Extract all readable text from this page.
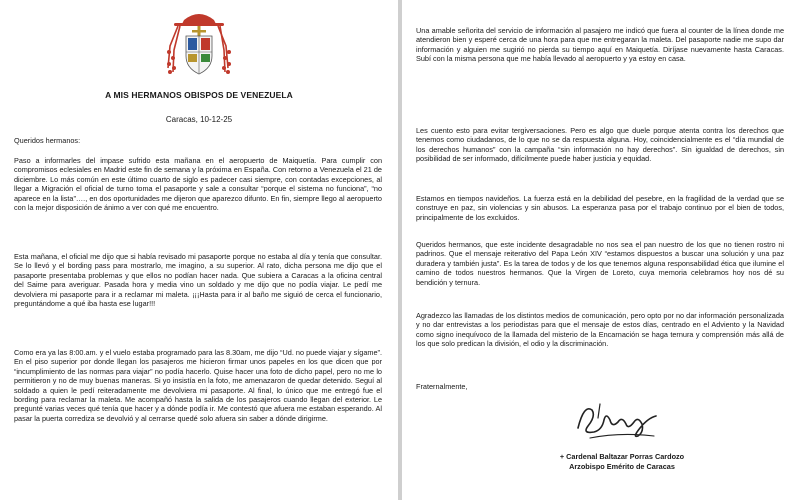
A MIS HERMANOS OBISPOS DE VENEZUELA
Caracas, 10-12-25
Queridos hermanos:

Paso a informarles del impase sufrido esta mañana en el aeropuerto de Maiquetía. Para cumplir con compromisos eclesiales en Madrid este fin de semana y la próxima en España. Con retorno a Venezuela el 21 de diciembre. Lo más común en este último cuarto de siglo es padecer casi siempre, con contadas excepciones, al llegar a Migración el oficial de turno toma el pasaporte y sale a consultar “porque el sistema no funciona”, “no aparece en la lista”…., en dos oportunidades me dijeron que aparezco difunto. En fin, siempre llego al aeropuerto con la mejor disposición de ánimo a ver con qué me encuentro.

Esta mañana, el oficial me dijo que si había revisado mi pasaporte porque no estaba al día y tenía que consultar. Se lo llevó y el bording pass para mostrarlo, me imagino, a su superior. Al rato, dicha persona me dijo que el pasaporte presentaba problemas y que ellos no podían hacer nada. Que subiera a Caracas a la oficina central del Saime para averiguar. Pasada hora y media vino un soldado y me dijo que no podía viajar. Le pedí me devolviera mi pasaporte para ir a reclamar mi maleta. ¡¡¡Hasta para ir al baño me siguió de cerca el funcionario, preguntándome a qué iba hasta ese lugar!!!

Como era ya las 8:00.am. y el vuelo estaba programado para las 8.30am, me dijo “Ud. no puede viajar y sígame”. En el piso superior por donde llegan los pasajeros me hicieron firmar unos papeles en los que dicen que por “incumplimiento de las normas para viajar” no podía hacerlo. Quise hacer una foto de dicho papel, pero no me lo permitieron y no de muy buenas maneras. Si yo insistía en la foto, me amenazaron de quedar detenido. Seguí al soldado a quien le pedí reiteradamente me devolviera mi pasaporte. Al final, lo único que me entregó fue el bording para reclamar la maleta. Me acompañó hasta la salida de los pasajeros cuando llegan del exterior. Le pregunté varias veces qué tenía que hacer y a dónde podía ir. Me contestó que afuera me estaban esperando. Al pasar la puerta corrediza se devolvió y al cerrarse quedé solo afuera sin saber a dónde dirigirme.

Una amable señorita del servicio de información al pasajero me indicó que fuera al counter de la línea donde me atendieron bien y esperé cerca de una hora para que me entregaran la maleta. Del pasaporte nadie me supo dar información y alguien me sugirió no pierda su tiempo aquí en Maiquetía. Diríjase nuevamente hasta Caracas. Subí con la misma persona que me había llevado al aeropuerto y ya estoy en casa.

Les cuento esto para evitar tergiversaciones. Pero es algo que duele porque atenta contra los derechos que tenemos como ciudadanos, de lo que no se da respuesta alguna. Hoy, coincidencialmente es el “día mundial de los derechos humanos” con la campaña “sin información no hay derechos”. Sin igualdad de derechos, sin posibilidad de ser informado, difícilmente puede haber justicia y equidad.

Estamos en tiempos navideños. La fuerza está en la debilidad del pesebre, en la fragilidad de la verdad que se construye en paz, sin violencias y sin abusos. La esperanza pasa por el trabajo continuo por el bien de todos, principalmente de los excluidos.

Queridos hermanos, que este incidente desagradable no nos sea el pan nuestro de los que no tienen rostro ni padrinos. Que el mensaje reiterativo del Papa León XIV “estamos dispuestos a buscar una solución y una paz duradera y también justa”. Es la tarea de todos y de los que tenemos alguna responsabilidad ética que ilumine el camino de todos nuestros hermanos. Que la Virgen de Loreto, cuya memoria celebramos hoy nos dé su bendición y ternura.

Agradezco las llamadas de los distintos medios de comunicación, pero opto por no dar información personalizada y no dar entrevistas a los periodistas para que el mensaje de estos días, centrado en el Adviento y la Navidad como signo inequívoco de la llamada del misterio de la Encarnación se haga ternura y comprensión más allá de los que solo predican la división, el odio y la discriminación.

Fraternalmente,
+ Cardenal Baltazar Porras Cardozo
Arzobispo Emérito de Caracas
